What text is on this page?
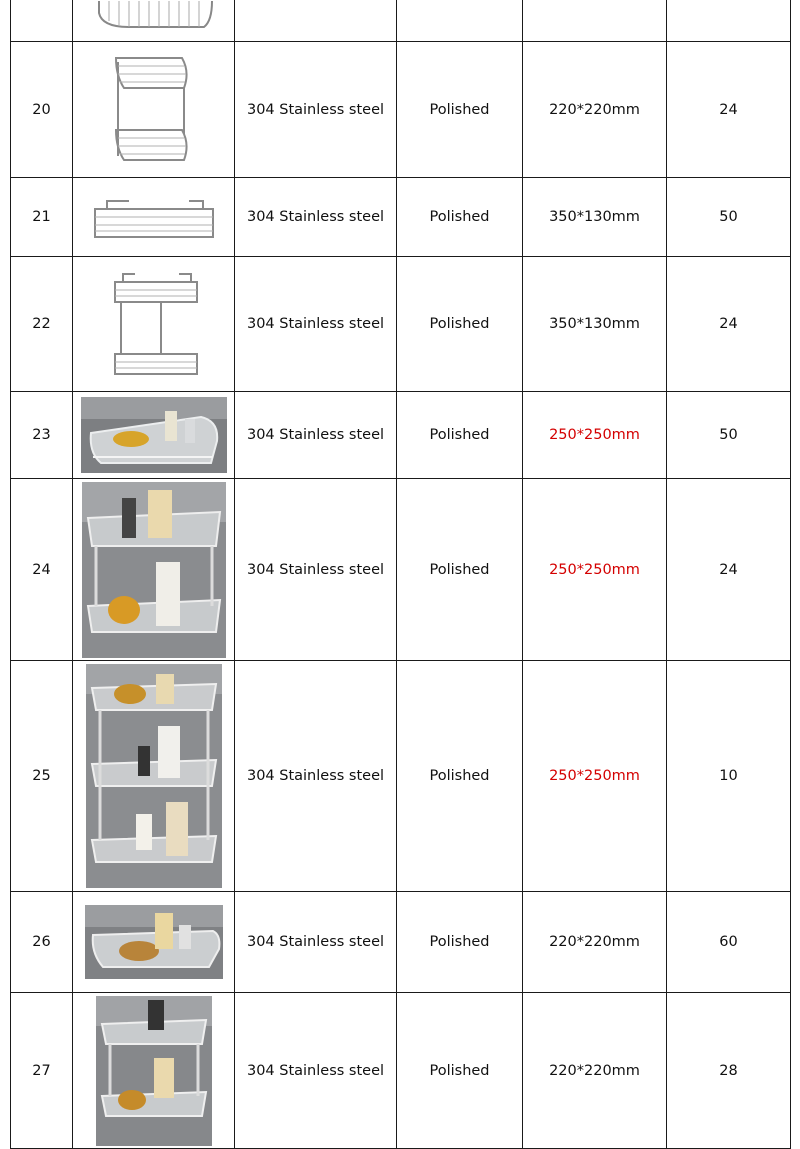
20		304 Stainless steel	Polished	220*220mm	24
21		304 Stainless steel	Polished	350*130mm	50
22		304 Stainless steel	Polished	350*130mm	24
23		304 Stainless steel	Polished	250*250mm	50
24		304 Stainless steel	Polished	250*250mm	24
25		304 Stainless steel	Polished	250*250mm	10
26		304 Stainless steel	Polished	220*220mm	60
27		304 Stainless steel	Polished	220*220mm	28
